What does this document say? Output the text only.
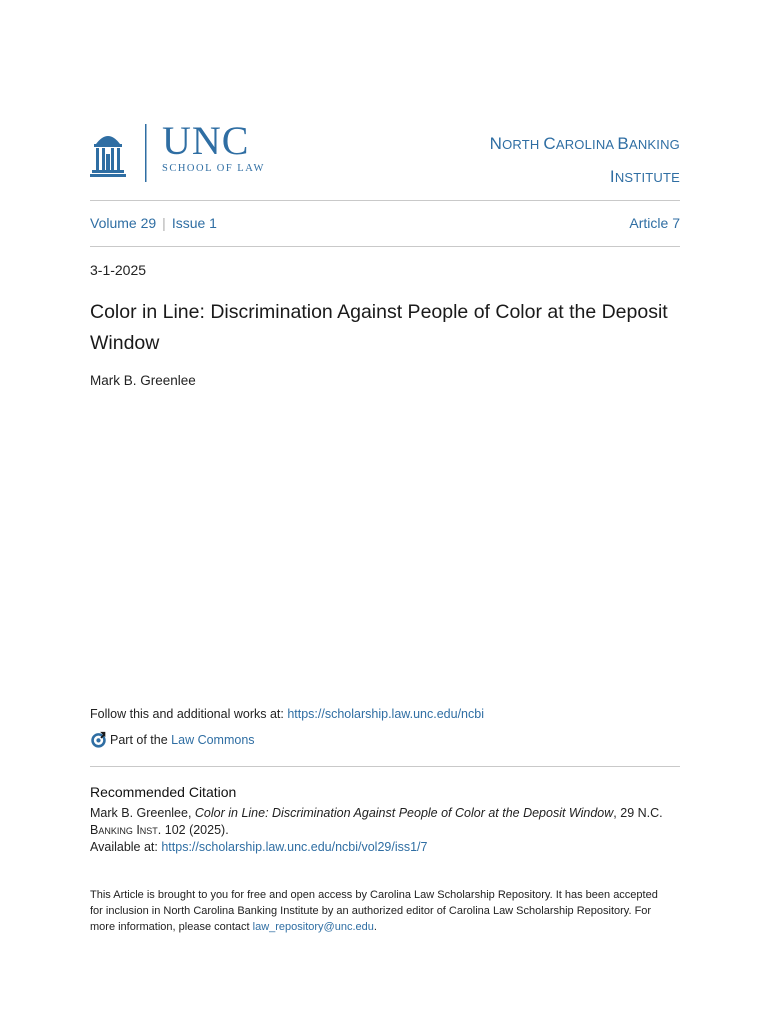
UNC
SCHOOL OF LAW
NORTH CAROLINA BANKING
INSTITUTE
Volume 29 | Issue 1	Article 7
3-1-2025
Color in Line: Discrimination Against People of Color at the Deposit Window
Mark B. Greenlee
Follow this and additional works at: https://scholarship.law.unc.edu/ncbi
Part of the
Law Commons
Recommended Citation
Mark B. Greenlee, Color in Line: Discrimination Against People of Color at the Deposit Window, 29 N.C.
Banking Inst. 102 (2025).
Available at: https://scholarship.law.unc.edu/ncbi/vol29/iss1/7
This Article is brought to you for free and open access by Carolina Law Scholarship Repository. It has been accepted for inclusion in North Carolina Banking Institute by an authorized editor of Carolina Law Scholarship Repository. For more information, please contact law_repository@unc.edu.
